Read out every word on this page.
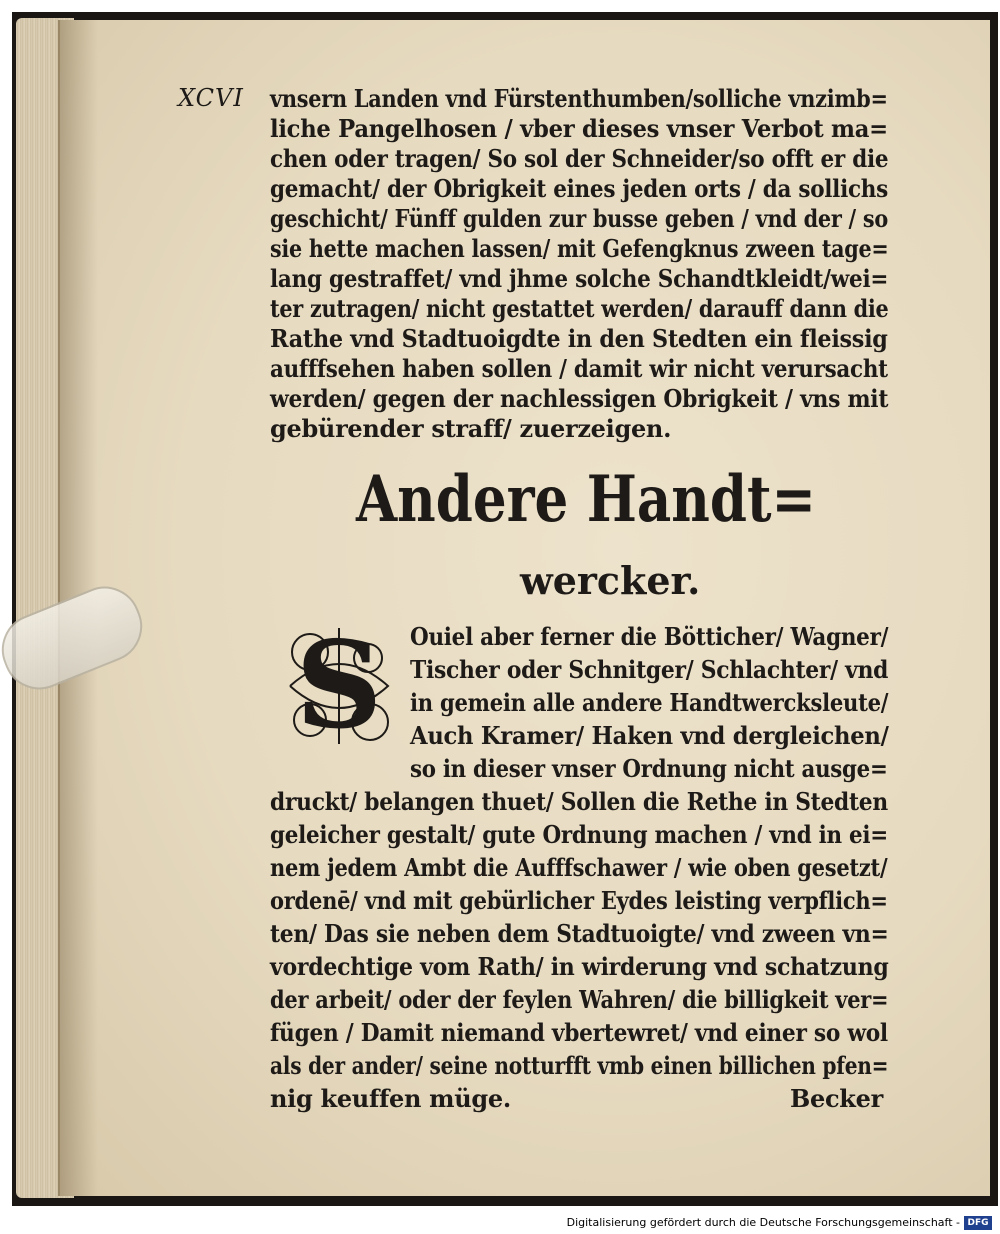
XCVI vnsern Landen vnd Fürstenthumben/solliche vnzimb=
liche Pangelhosen / vber dieses vnser Verbot ma=
chen oder tragen/ So sol der Schneider/so offt er die
gemacht/ der Obrigkeit eines jeden orts / da sollichs
geschicht/ Fünff gulden zur busse geben / vnd der / so
sie hette machen lassen/ mit Gefengknus zween tage=
lang gestraffet/ vnd jhme solche Schandtkleidt/wei=
ter zutragen/ nicht gestattet werden/ darauff dann die
Rathe vnd Stadtuoigdte in den Stedten ein fleissig
aufffsehen haben sollen / damit wir nicht verursacht
werden/ gegen der nachlessigen Obrigkeit / vns mit
gebürender straff/ zuerzeigen.
Andere Handt=
wercker.
S	Ouiel aber ferner die Bötticher/ Wagner/
Tischer oder Schnitger/ Schlachter/ vnd
in gemein alle andere Handtwercksleute/
Auch Kramer/ Haken vnd dergleichen/
so in dieser vnser Ordnung nicht ausge=
druckt/ belangen thuet/ Sollen die Rethe in Stedten
geleicher gestalt/ gute Ordnung machen / vnd in ei=
nem jedem Ambt die Aufffschawer / wie oben gesetzt/
ordenē/ vnd mit gebürlicher Eydes leisting verpflich=
ten/ Das sie neben dem Stadtuoigte/ vnd zween vn=
vordechtige vom Rath/ in wirderung vnd schatzung
der arbeit/ oder der feylen Wahren/ die billigkeit ver=
fügen / Damit niemand vbertewret/ vnd einer so wol
als der ander/ seine notturfft vmb einen billichen pfen=
nig keuffen müge.	Becker
Digitalisierung gefördert durch die Deutsche Forschungsgemeinschaft - DFG
